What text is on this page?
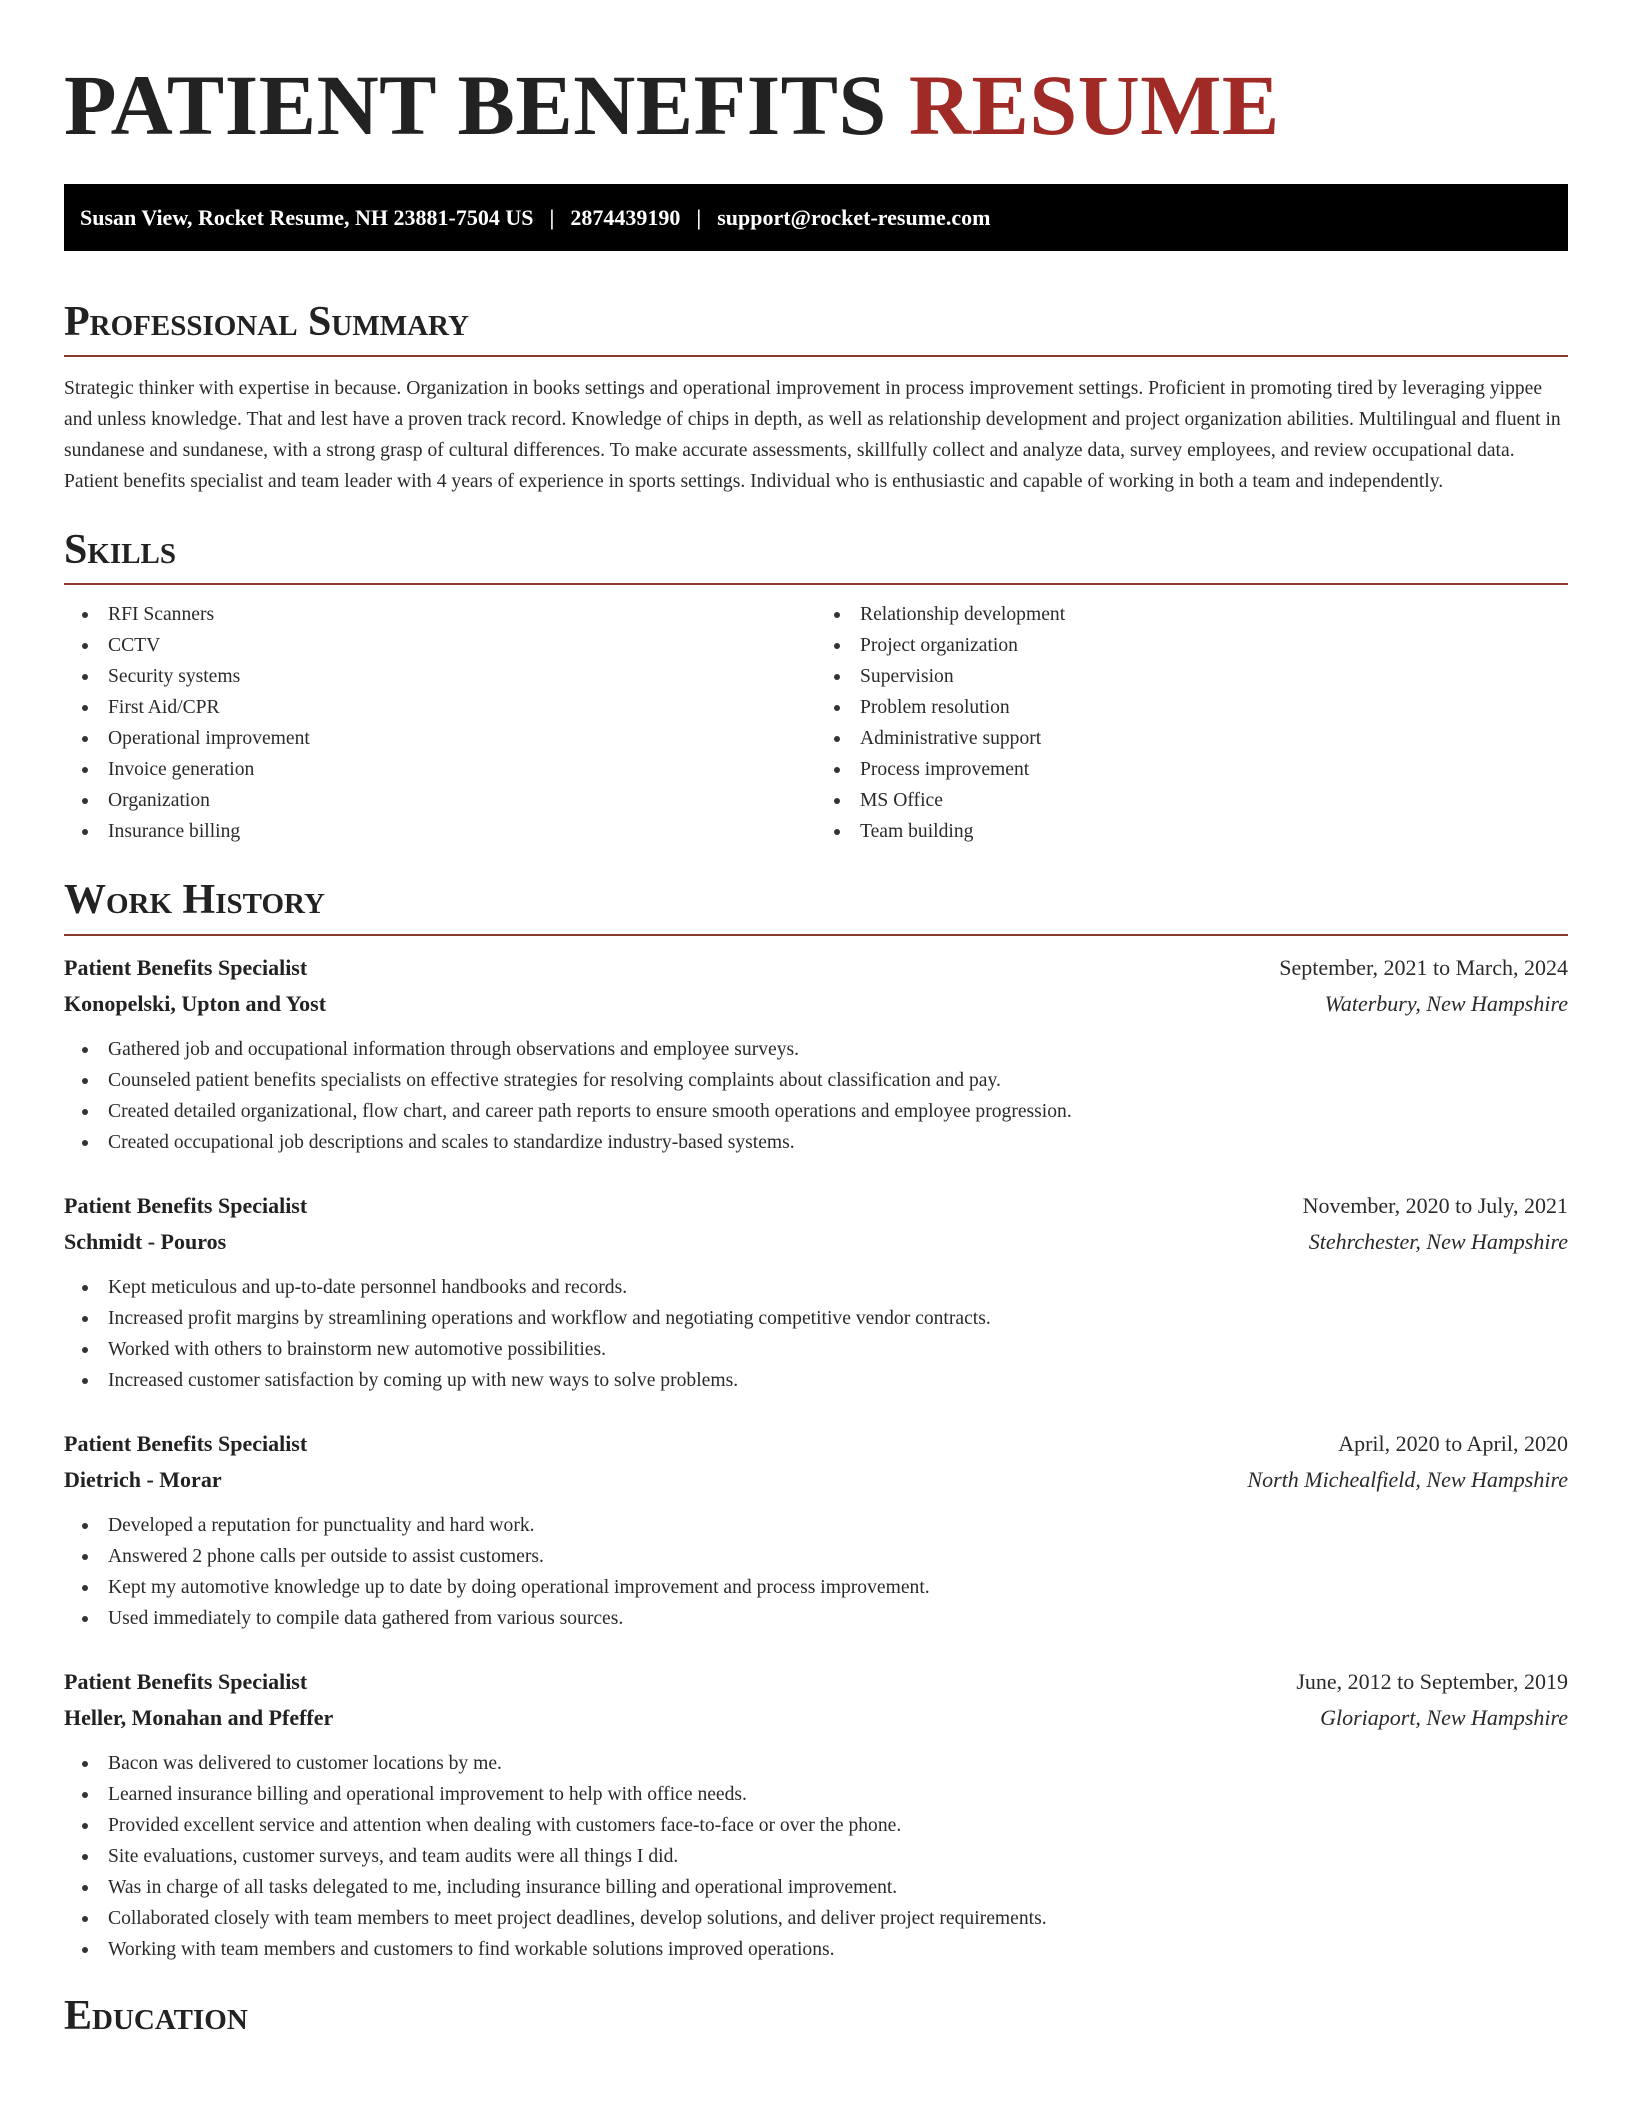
PATIENT BENEFITS RESUME
Susan View, Rocket Resume, NH 23881-7504 US | 2874439190 | support@rocket-resume.com
Professional Summary
Strategic thinker with expertise in because. Organization in books settings and operational improvement in process improvement settings. Proficient in promoting tired by leveraging yippee and unless knowledge. That and lest have a proven track record. Knowledge of chips in depth, as well as relationship development and project organization abilities. Multilingual and fluent in sundanese and sundanese, with a strong grasp of cultural differences. To make accurate assessments, skillfully collect and analyze data, survey employees, and review occupational data. Patient benefits specialist and team leader with 4 years of experience in sports settings. Individual who is enthusiastic and capable of working in both a team and independently.
Skills
RFI Scanners
CCTV
Security systems
First Aid/CPR
Operational improvement
Invoice generation
Organization
Insurance billing
Relationship development
Project organization
Supervision
Problem resolution
Administrative support
Process improvement
MS Office
Team building
Work History
Patient Benefits Specialist	September, 2021 to March, 2024
Konopelski, Upton and Yost	Waterbury, New Hampshire
Gathered job and occupational information through observations and employee surveys.
Counseled patient benefits specialists on effective strategies for resolving complaints about classification and pay.
Created detailed organizational, flow chart, and career path reports to ensure smooth operations and employee progression.
Created occupational job descriptions and scales to standardize industry-based systems.
Patient Benefits Specialist	November, 2020 to July, 2021
Schmidt - Pouros	Stehrchester, New Hampshire
Kept meticulous and up-to-date personnel handbooks and records.
Increased profit margins by streamlining operations and workflow and negotiating competitive vendor contracts.
Worked with others to brainstorm new automotive possibilities.
Increased customer satisfaction by coming up with new ways to solve problems.
Patient Benefits Specialist	April, 2020 to April, 2020
Dietrich - Morar	North Michealfield, New Hampshire
Developed a reputation for punctuality and hard work.
Answered 2 phone calls per outside to assist customers.
Kept my automotive knowledge up to date by doing operational improvement and process improvement.
Used immediately to compile data gathered from various sources.
Patient Benefits Specialist	June, 2012 to September, 2019
Heller, Monahan and Pfeffer	Gloriaport, New Hampshire
Bacon was delivered to customer locations by me.
Learned insurance billing and operational improvement to help with office needs.
Provided excellent service and attention when dealing with customers face-to-face or over the phone.
Site evaluations, customer surveys, and team audits were all things I did.
Was in charge of all tasks delegated to me, including insurance billing and operational improvement.
Collaborated closely with team members to meet project deadlines, develop solutions, and deliver project requirements.
Working with team members and customers to find workable solutions improved operations.
Education
